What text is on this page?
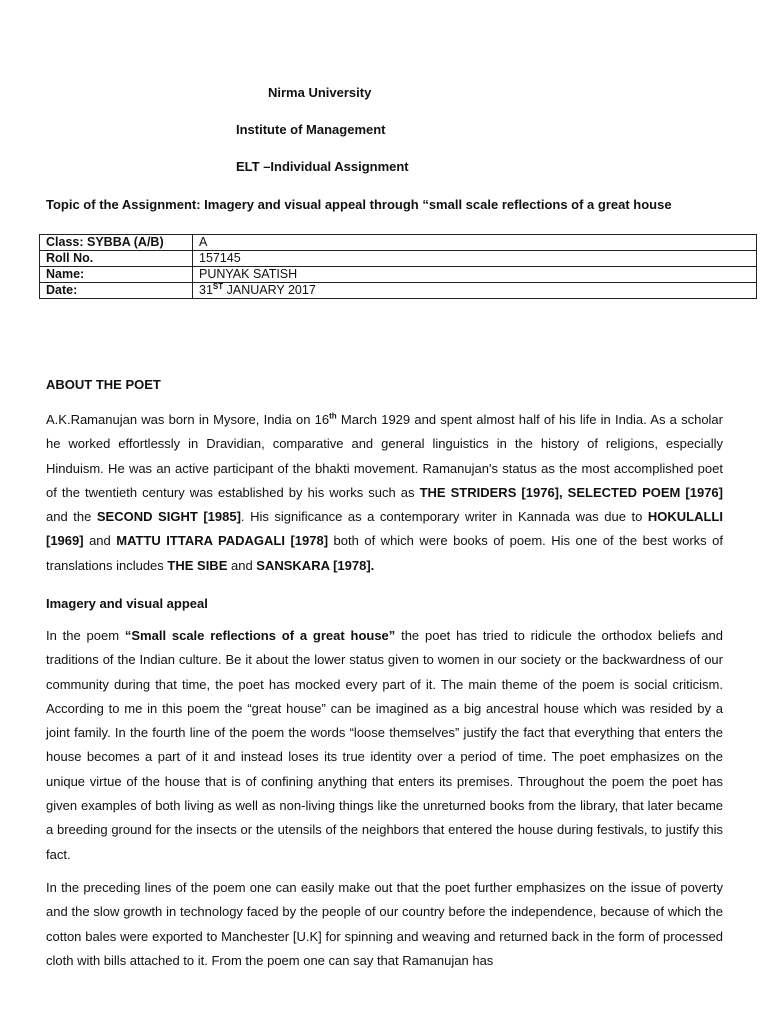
Nirma University
Institute of Management
ELT –Individual Assignment
Topic of the Assignment: Imagery and visual appeal through “small scale reflections of a great house
Class: SYBBA (A/B)	A
Roll No.	157145
Name:	PUNYAK SATISH
Date:	31ST JANUARY 2017
ABOUT THE POET
A.K.Ramanujan was born in Mysore, India on 16th March 1929 and spent almost half of his life in India. As a scholar he worked effortlessly in Dravidian, comparative and general linguistics in the history of religions, especially Hinduism. He was an active participant of the bhakti movement. Ramanujan's status as the most accomplished poet of the twentieth century was established by his works such as THE STRIDERS [1976], SELECTED POEM [1976] and the SECOND SIGHT [1985]. His significance as a contemporary writer in Kannada was due to HOKULALLI [1969] and MATTU ITTARA PADAGALI [1978] both of which were books of poem. His one of the best works of translations includes THE SIBE and SANSKARA [1978].
Imagery and visual appeal
In the poem “Small scale reflections of a great house” the poet has tried to ridicule the orthodox beliefs and traditions of the Indian culture. Be it about the lower status given to women in our society or the backwardness of our community during that time, the poet has mocked every part of it. The main theme of the poem is social criticism. According to me in this poem the “great house” can be imagined as a big ancestral house which was resided by a joint family. In the fourth line of the poem the words “loose themselves” justify the fact that everything that enters the house becomes a part of it and instead loses its true identity over a period of time. The poet emphasizes on the unique virtue of the house that is of confining anything that enters its premises. Throughout the poem the poet has given examples of both living as well as non-living things like the unreturned books from the library, that later became a breeding ground for the insects or the utensils of the neighbors that entered the house during festivals, to justify this fact.
In the preceding lines of the poem one can easily make out that the poet further emphasizes on the issue of poverty and the slow growth in technology faced by the people of our country before the independence, because of which the cotton bales were exported to Manchester [U.K] for spinning and weaving and returned back in the form of processed cloth with bills attached to it. From the poem one can say that Ramanujan has
